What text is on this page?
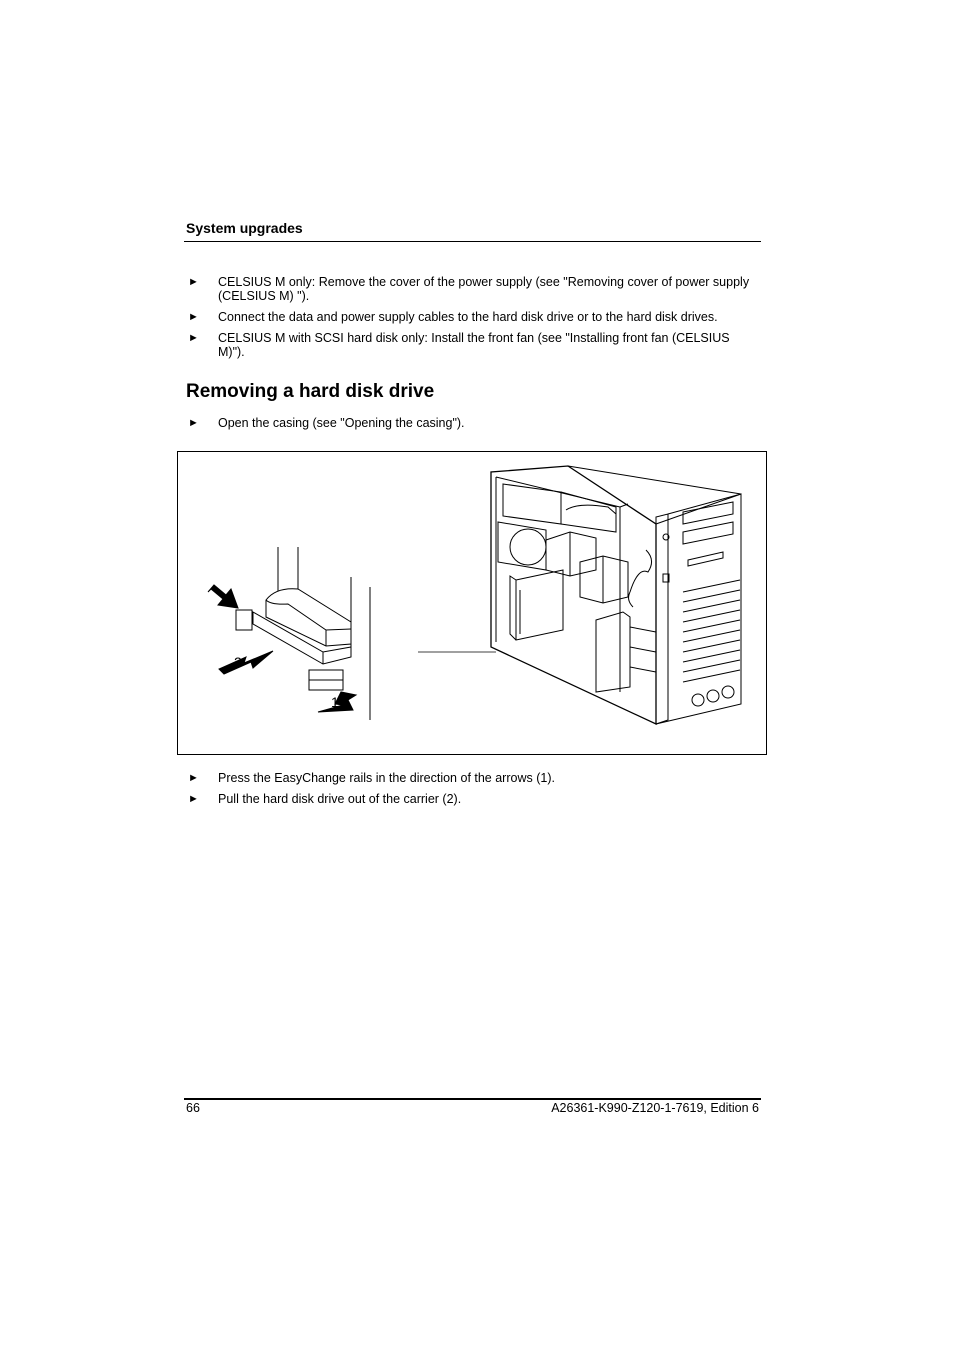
System upgrades
► CELSIUS M only: Remove the cover of the power supply (see "Removing cover of power supply (CELSIUS M) ").
► Connect the data and power supply cables to the hard disk drive or to the hard disk drives.
► CELSIUS M with SCSI hard disk only: Install the front fan (see "Installing front fan (CELSIUS M)").
Removing a hard disk drive
► Open the casing (see "Opening the casing").
1
2
1
► Press the EasyChange rails in the direction of the arrows (1).
► Pull the hard disk drive out of the carrier (2).
66	A26361-K990-Z120-1-7619, Edition 6
